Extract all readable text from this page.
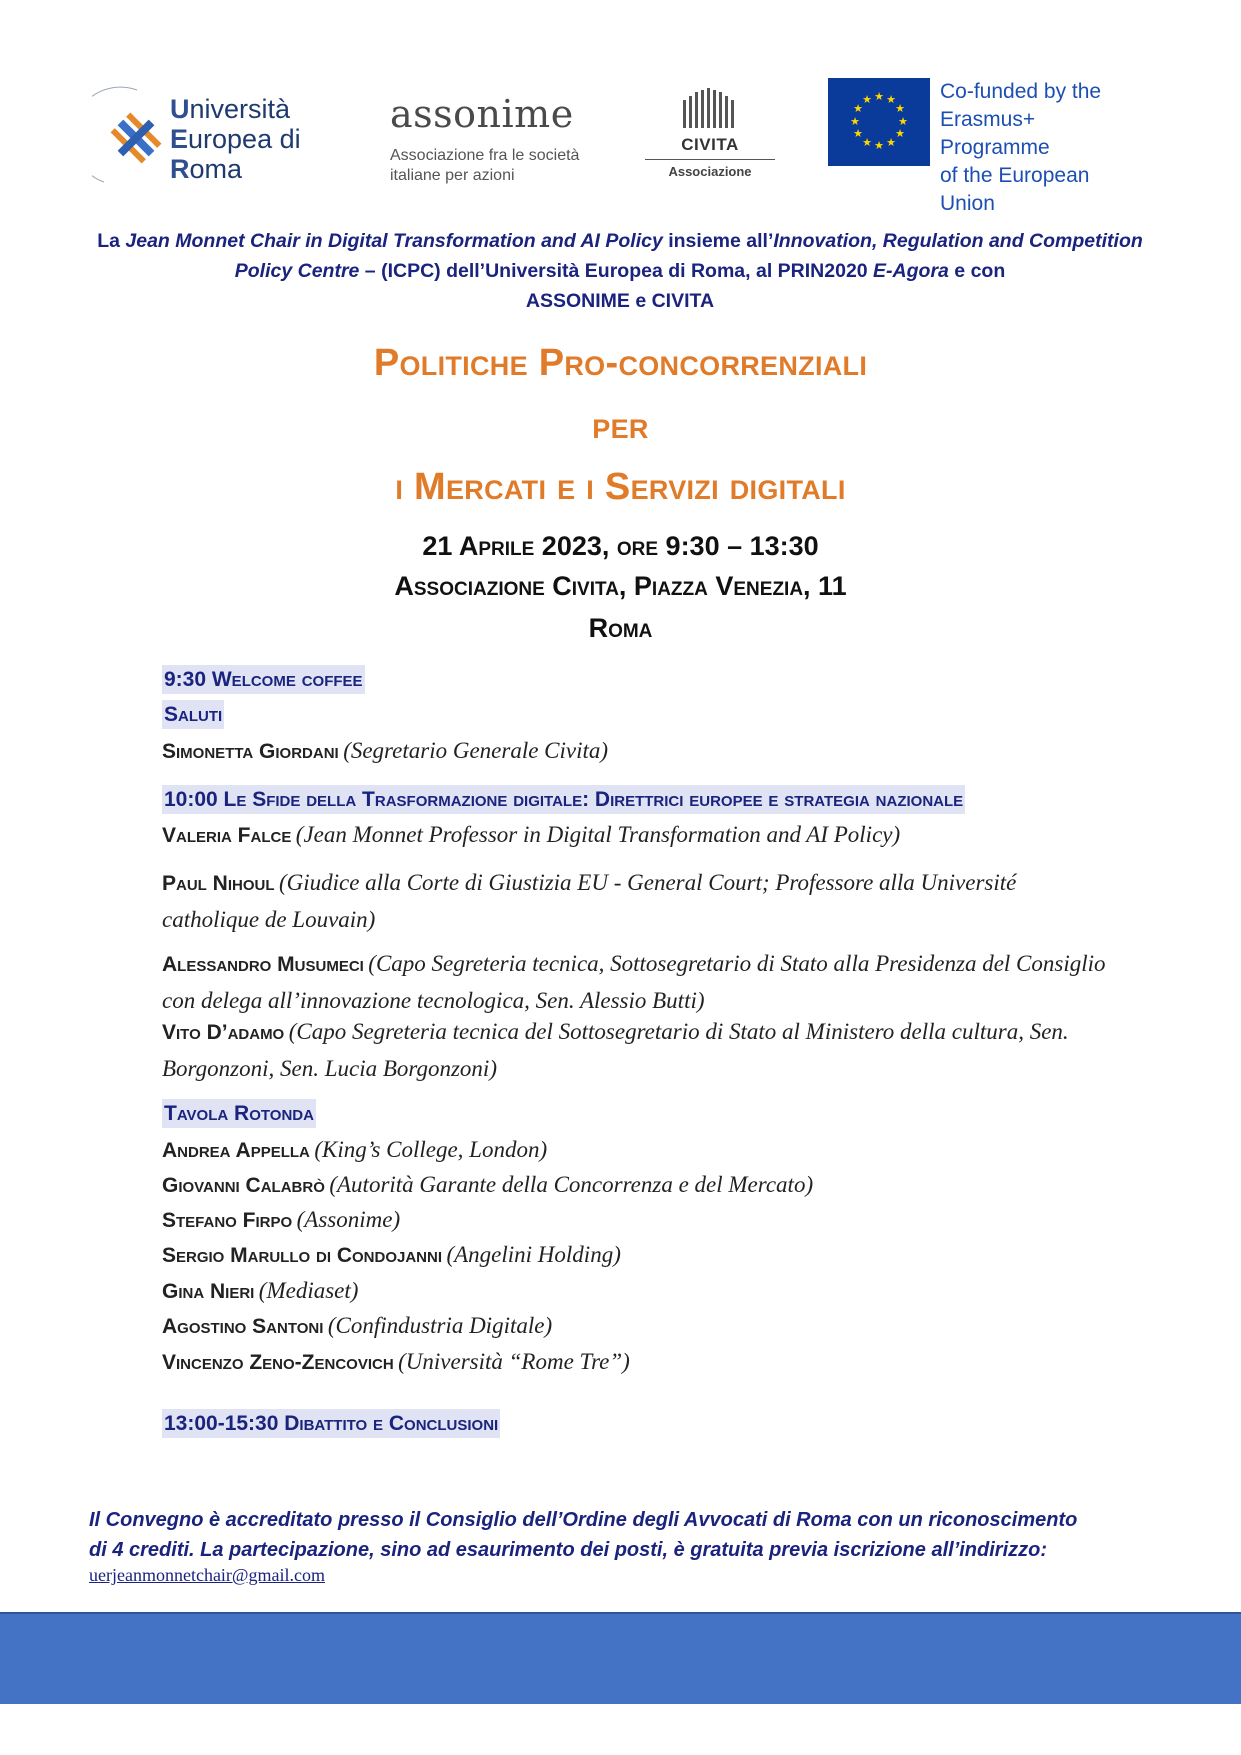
Università
Europea di
Roma
assonime
Associazione fra le società
italiane per azioni
CIVITA
Associazione
★ ★
★
★
★
★
★
★
★
★
★
★	Co-funded by the
Erasmus+ Programme
of the European Union
La Jean Monnet Chair in Digital Transformation and AI Policy insieme all’Innovation, Regulation and Competition Policy Centre – (ICPC) dell’Università Europea di Roma, al PRIN2020 E-Agora e con
ASSONIME e CIVITA
Politiche Pro-concorrenziali
per
i Mercati e i Servizi digitali
21 Aprile 2023, ore 9:30 – 13:30
Associazione Civita, Piazza Venezia, 11
Roma
9:30 Welcome coffee
Saluti
Simonetta Giordani (Segretario Generale Civita)
10:00 Le Sfide della Trasformazione digitale: Direttrici europee e strategia nazionale
Valeria Falce (Jean Monnet Professor in Digital Transformation and AI Policy)
Paul Nihoul (Giudice alla Corte di Giustizia EU - General Court; Professore alla Université
catholique de Louvain)
Alessandro Musumeci (Capo Segreteria tecnica, Sottosegretario di Stato alla Presidenza del Consiglio
con delega all’innovazione tecnologica, Sen. Alessio Butti)
Vito D’adamo (Capo Segreteria tecnica del Sottosegretario di Stato al Ministero della cultura, Sen.
Borgonzoni, Sen. Lucia Borgonzoni)
Tavola Rotonda
Andrea Appella (King’s College, London)
Giovanni Calabrò (Autorità Garante della Concorrenza e del Mercato)
Stefano Firpo (Assonime)
Sergio Marullo di Condojanni (Angelini Holding)
Gina Nieri (Mediaset)
Agostino Santoni (Confindustria Digitale)
Vincenzo Zeno-Zencovich (Università “Rome Tre”)
13:00-15:30 Dibattito e Conclusioni
Il Convegno è accreditato presso il Consiglio dell’Ordine degli Avvocati di Roma con un riconoscimento
di 4 crediti. La partecipazione, sino ad esaurimento dei posti, è gratuita previa iscrizione all’indirizzo:
uerjeanmonnetchair@gmail.com
